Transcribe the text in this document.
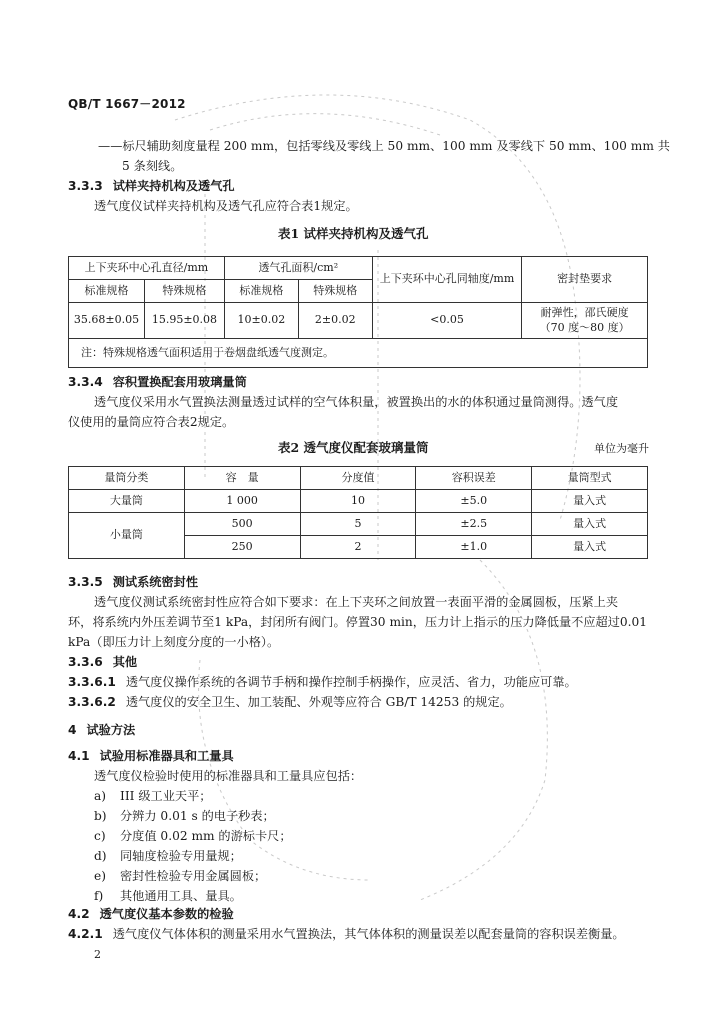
QB/T 1667－2012
——标尺辅助刻度量程 200 mm，包括零线及零线上 50 mm、100 mm 及零线下 50 mm、100 mm 共
5 条刻线。
3.3.3 试样夹持机构及透气孔
透气度仪试样夹持机构及透气孔应符合表1规定。
表1 试样夹持机构及透气孔
上下夹环中心孔直径/mm		透气孔面积/cm²		上下夹环中心孔同轴度/mm	密封垫要求
标准规格	特殊规格	标准规格	特殊规格		
35.68±0.05	15.95±0.08	10±0.02	2±0.02	<0.05	耐弹性，邵氏硬度
（70 度～80 度）

注：特殊规格透气面积适用于卷烟盘纸透气度测定。					
3.3.4 容积置换配套用玻璃量筒
透气度仪采用水气置换法测量透过试样的空气体积量，被置换出的水的体积通过量筒测得。透气度
仪使用的量筒应符合表2规定。
表2 透气度仪配套玻璃量筒	单位为毫升
量筒分类	容　量	分度值	容积误差	量筒型式
大量筒	1 000	10	±5.0	量入式
小量筒	500	5	±2.5	量入式
	250	2	±1.0	量入式
3.3.5 测试系统密封性
透气度仪测试系统密封性应符合如下要求：在上下夹环之间放置一表面平滑的金属圆板，压紧上夹
环，将系统内外压差调节至1 kPa，封闭所有阀门。停置30 min，压力计上指示的压力降低量不应超过0.01
kPa（即压力计上刻度分度的一小格）。
3.3.6 其他
3.3.6.1 透气度仪操作系统的各调节手柄和操作控制手柄操作，应灵活、省力，功能应可靠。
3.3.6.2 透气度仪的安全卫生、加工装配、外观等应符合 GB/T 14253 的规定。
4 试验方法
4.1 试验用标准器具和工量具
透气度仪检验时使用的标准器具和工量具应包括：
a) III 级工业天平；
b) 分辨力 0.01 s 的电子秒表；
c) 分度值 0.02 mm 的游标卡尺；
d) 同轴度检验专用量规；
e) 密封性检验专用金属圆板；
f) 其他通用工具、量具。
4.2 透气度仪基本参数的检验
4.2.1 透气度仪气体体积的测量采用水气置换法，其气体体积的测量误差以配套量筒的容积误差衡量。
2
